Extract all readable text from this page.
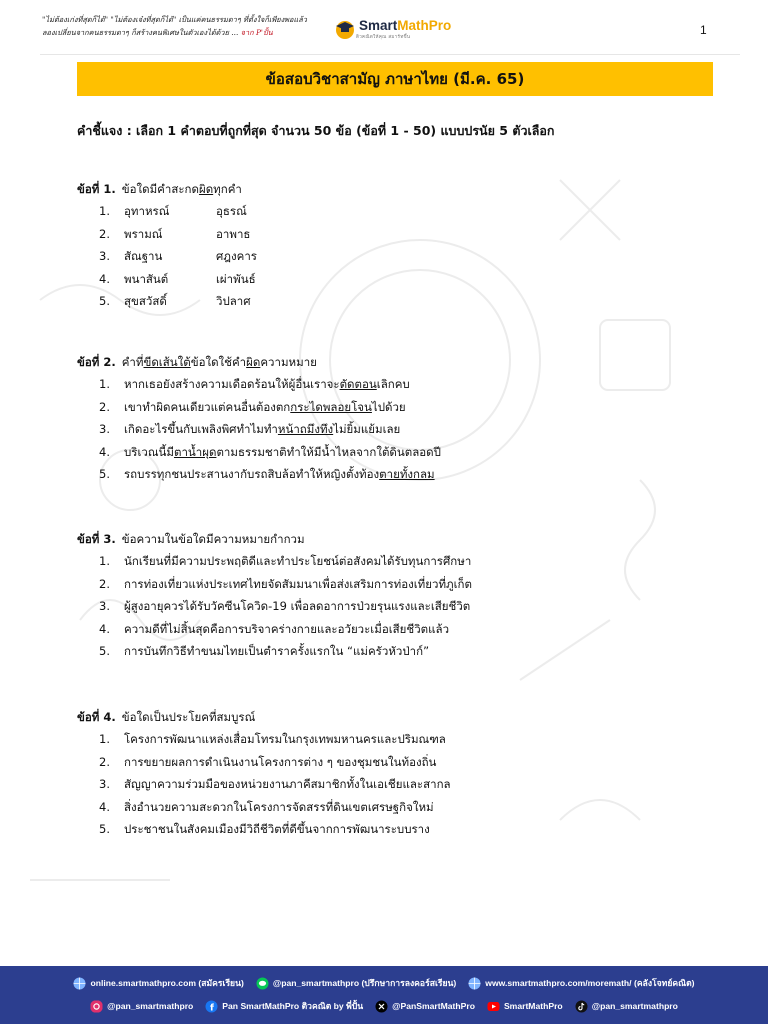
"ไม่ต้องเก่งที่สุดก็ได้" "ไม่ต้องเจ๋งที่สุดก็ได้" เป็นแค่คนธรรมดาๆ ที่ตั้งใจก็เพียงพอแล้ว
ลองเปลี่ยนจากคนธรรมดาๆ ก็สร้างคนพิเศษในตัวเองได้ด้วย ... จาก P'ปั้น	SmartMathPro
ติวคณิตให้คุณ สมาร์ทขึ้น	1
ข้อสอบวิชาสามัญ ภาษาไทย (มี.ค. 65)
คำชี้แจง : เลือก 1 คำตอบที่ถูกที่สุด จำนวน 50 ข้อ (ข้อที่ 1 - 50) แบบปรนัย 5 ตัวเลือก
ข้อที่ 1. ข้อใดมีคำสะกดผิดทุกคำ
1. อุทาหรณ์	อุธรณ์
2. พรามณ์	อาพาธ
3. สัณฐาน	ศฎงคาร
4. พนาสันต์	เผ่าพันธ์
5. สุขสวัสดิ์	วิปลาศ
ข้อที่ 2. คำที่ขีดเส้นใต้ข้อใดใช้คำผิดความหมาย
1. หากเธอยังสร้างความเดือดร้อนให้ผู้อื่นเราจะตัดตอนเลิกคบ
2. เขาทำผิดคนเดียวแต่คนอื่นต้องตกกระไดพลอยโจนไปด้วย
3. เกิดอะไรขึ้นกับเพลิงพิศทำไมทำหน้าถมึงทึงไม่ยิ้มแย้มเลย
4. บริเวณนี้มีตาน้ำผุดตามธรรมชาติทำให้มีน้ำไหลจากใต้ดินตลอดปี
5. รถบรรทุกชนประสานงากับรถสิบล้อทำให้หญิงตั้งท้องตายทั้งกลม
ข้อที่ 3. ข้อความในข้อใดมีความหมายกำกวม
1. นักเรียนที่มีความประพฤติดีและทำประโยชน์ต่อสังคมได้รับทุนการศึกษา
2. การท่องเที่ยวแห่งประเทศไทยจัดสัมมนาเพื่อส่งเสริมการท่องเที่ยวที่ภูเก็ต
3. ผู้สูงอายุควรได้รับวัคซีนโควิด-19 เพื่อลดอาการป่วยรุนแรงและเสียชีวิต
4. ความดีที่ไม่สิ้นสุดคือการบริจาคร่างกายและอวัยวะเมื่อเสียชีวิตแล้ว
5. การบันทึกวิธีทำขนมไทยเป็นตำราครั้งแรกใน “แม่ครัวหัวป่าก์”
ข้อที่ 4. ข้อใดเป็นประโยคที่สมบูรณ์
1. โครงการพัฒนาแหล่งเสื่อมโทรมในกรุงเทพมหานครและปริมณฑล
2. การขยายผลการดำเนินงานโครงการต่าง ๆ ของชุมชนในท้องถิ่น
3. สัญญาความร่วมมือของหน่วยงานภาคีสมาชิกทั้งในเอเชียและสากล
4. สิ่งอำนวยความสะดวกในโครงการจัดสรรที่ดินเขตเศรษฐกิจใหม่
5. ประชาชนในสังคมเมืองมีวิถีชีวิตที่ดีขึ้นจากการพัฒนาระบบราง
online.smartmathpro.com (สมัครเรียน)	@pan_smartmathpro (ปรึกษาการลงคอร์สเรียน)	www.smartmathpro.com/moremath/ (คลังโจทย์คณิต)
@pan_smartmathpro f Pan SmartMathPro ติวคณิต by พี่ปั้น	@PanSmartMathPro	SmartMathPro	@pan_smartmathpro
